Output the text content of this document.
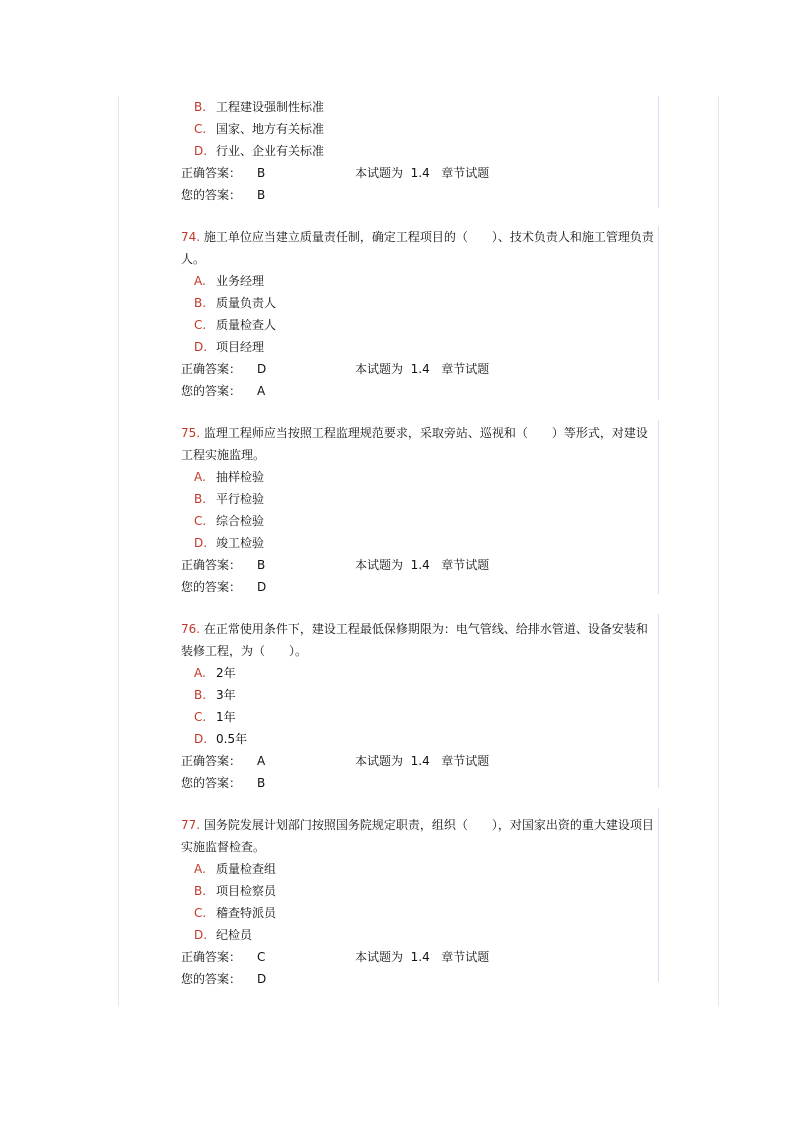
B. 工程建设强制性标准
C. 国家、地方有关标准
D. 行业、企业有关标准
正确答案： B	本试题为 1.4 章节试题
您的答案： B
74. 施工单位应当建立质量责任制，确定工程项目的（　　）、技术负责人和施工管理负责人。
A. 业务经理
B. 质量负责人
C. 质量检查人
D. 项目经理
正确答案： D	本试题为 1.4 章节试题
您的答案： A
75. 监理工程师应当按照工程监理规范要求，采取旁站、巡视和（　　）等形式，对建设工程实施监理。
A. 抽样检验
B. 平行检验
C. 综合检验
D. 竣工检验
正确答案： B	本试题为 1.4 章节试题
您的答案： D
76. 在正常使用条件下，建设工程最低保修期限为：电气管线、给排水管道、设备安装和装修工程，为（　　）。
A. 2年
B. 3年
C. 1年
D. 0.5年
正确答案： A	本试题为 1.4 章节试题
您的答案： B
77. 国务院发展计划部门按照国务院规定职责，组织（　　），对国家出资的重大建设项目实施监督检查。
A. 质量检查组
B. 项目检察员
C. 稽查特派员
D. 纪检员
正确答案： C	本试题为 1.4 章节试题
您的答案： D
